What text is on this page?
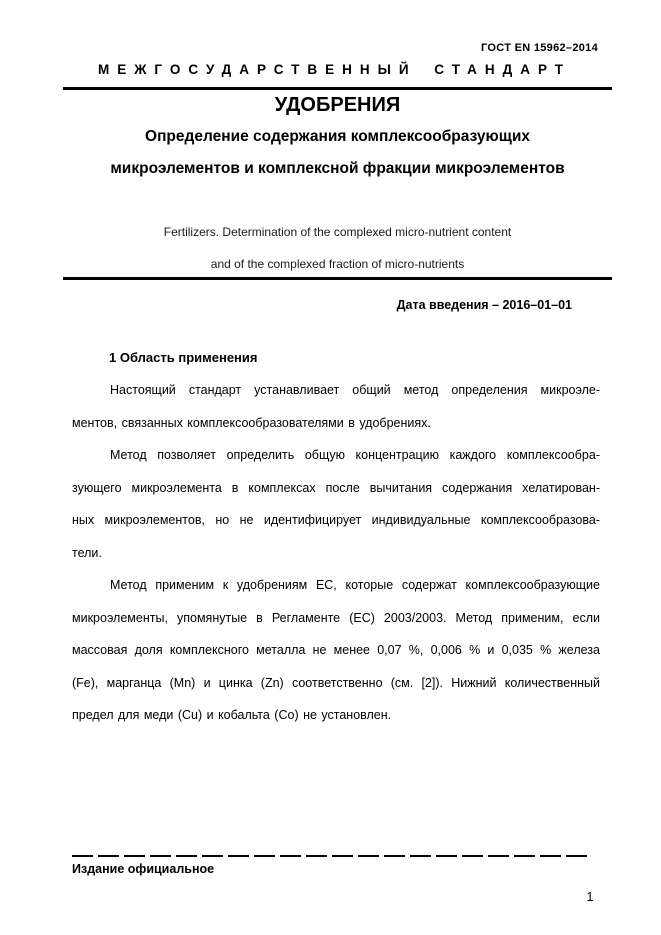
ГОСТ EN 15962–2014
МЕЖГОСУДАРСТВЕННЫЙ СТАНДАРТ
УДОБРЕНИЯ
Определение содержания комплексообразующих
микроэлементов и комплексной фракции микроэлементов
Fertilizers. Determination of the complexed micro-nutrient content
and of the complexed fraction of micro-nutrients
Дата введения – 2016–01–01
1 Область применения
Настоящий стандарт устанавливает общий метод определения микроэле-
ментов, связанных комплексообразователями в удобрениях.
Метод позволяет определить общую концентрацию каждого комплексообра-
зующего микроэлемента в комплексах после вычитания содержания хелатирован-
ных микроэлементов, но не идентифицирует индивидуальные комплексообразова-
тели.
Метод применим к удобрениям ЕС, которые содержат комплексообразующие
микроэлементы, упомянутые в Регламенте (ЕС) 2003/2003. Метод применим, если
массовая доля комплексного металла не менее 0,07 %, 0,006 % и 0,035 % железа
(Fe), марганца (Mn) и цинка (Zn) соответственно (см. [2]). Нижний количественный
предел для меди (Cu) и кобальта (Co) не установлен.
Издание официальное
1
